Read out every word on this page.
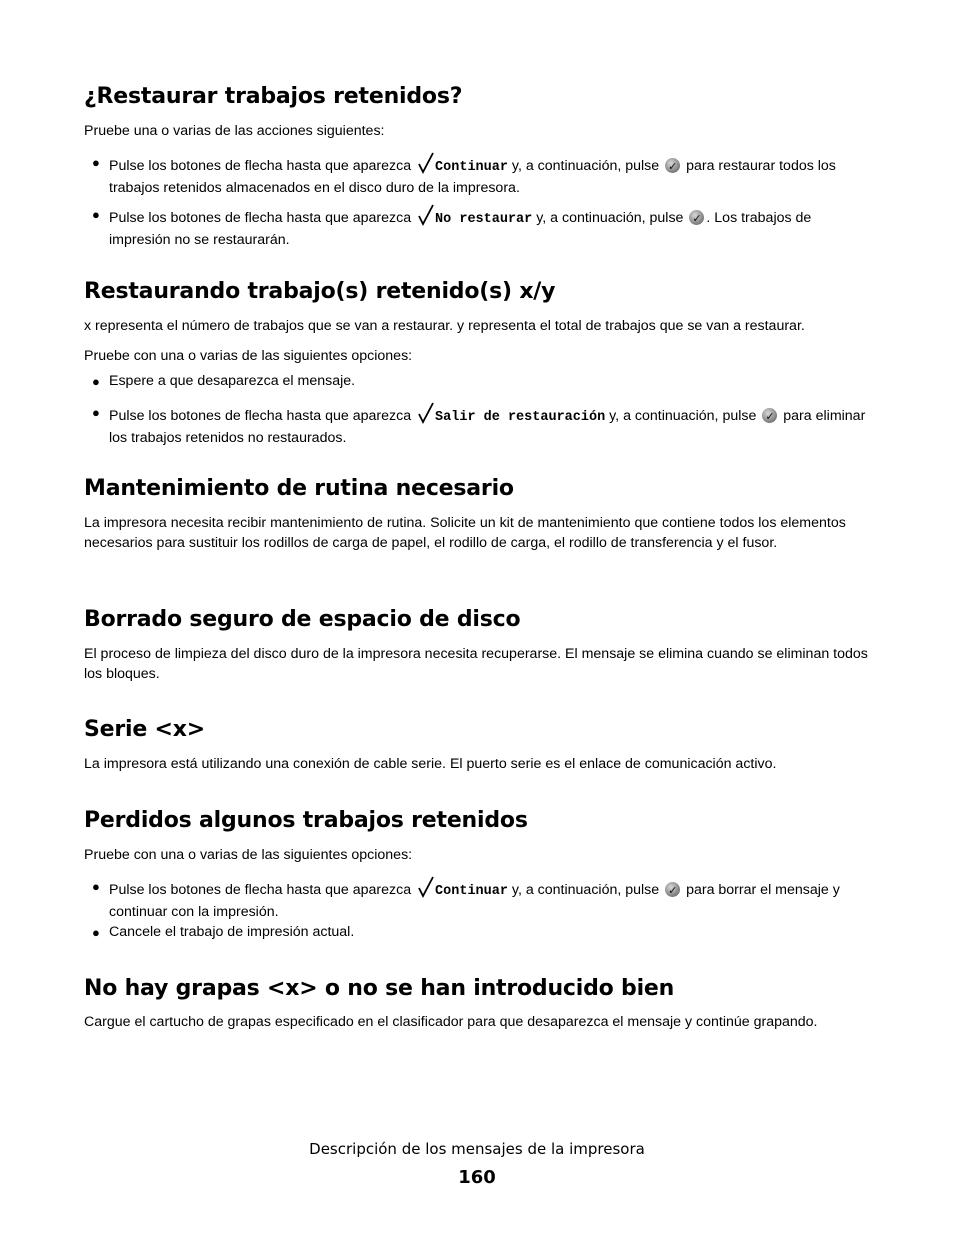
¿Restaurar trabajos retenidos?

Pruebe una o varias de las acciones siguientes:

● Pulse los botones de flecha hasta que aparezca Continuar y, a continuación, pulse ✓ para restaurar todos los trabajos retenidos almacenados en el disco duro de la impresora.
● Pulse los botones de flecha hasta que aparezca No restaurar y, a continuación, pulse ✓ . Los trabajos de impresión no se restaurarán.
Restaurando trabajo(s) retenido(s) x/y

x representa el número de trabajos que se van a restaurar. y representa el total de trabajos que se van a restaurar.

Pruebe con una o varias de las siguientes opciones:

● Espere a que desaparezca el mensaje.
● Pulse los botones de flecha hasta que aparezca Salir de restauración y, a continuación, pulse ✓ para eliminar los trabajos retenidos no restaurados.
Mantenimiento de rutina necesario

La impresora necesita recibir mantenimiento de rutina. Solicite un kit de mantenimiento que contiene todos los elementos necesarios para sustituir los rodillos de carga de papel, el rodillo de carga, el rodillo de transferencia y el fusor.

Borrado seguro de espacio de disco

El proceso de limpieza del disco duro de la impresora necesita recuperarse. El mensaje se elimina cuando se eliminan todos los bloques.

Serie <x>

La impresora está utilizando una conexión de cable serie. El puerto serie es el enlace de comunicación activo.

Perdidos algunos trabajos retenidos

Pruebe con una o varias de las siguientes opciones:

● Pulse los botones de flecha hasta que aparezca Continuar y, a continuación, pulse ✓ para borrar el mensaje y continuar con la impresión.
● Cancele el trabajo de impresión actual.
No hay grapas <x> o no se han introducido bien

Cargue el cartucho de grapas especificado en el clasificador para que desaparezca el mensaje y continúe grapando.

Descripción de los mensajes de la impresora
160
